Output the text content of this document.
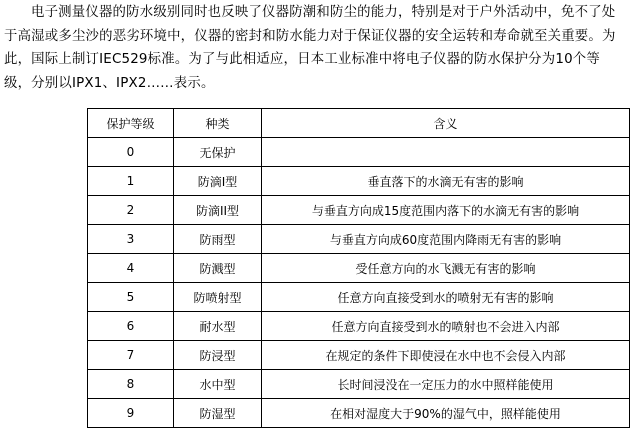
电子测量仪器的防水级别同时也反映了仪器防潮和防尘的能力，特别是对于户外活动中，免不了处于高湿或多尘沙的恶劣环境中，仪器的密封和防水能力对于保证仪器的安全运转和寿命就至关重要。为此，国际上制订IEC529标准。为了与此相适应，日本工业标准中将电子仪器的防水保护分为10个等级，分别以IPX1、IPX2……表示。

保护等级	种类	含义
0	无保护	
1	防滴I型	垂直落下的水滴无有害的影响
2	防滴II型	与垂直方向成15度范围内落下的水滴无有害的影响
3	防雨型	与垂直方向成60度范围内降雨无有害的影响
4	防溅型	受任意方向的水飞溅无有害的影响
5	防喷射型	任意方向直接受到水的喷射无有害的影响
6	耐水型	任意方向直接受到水的喷射也不会进入内部
7	防浸型	在规定的条件下即使浸在水中也不会侵入内部
8	水中型	长时间浸没在一定压力的水中照样能使用
9	防湿型	在相对湿度大于90%的湿气中，照样能使用
